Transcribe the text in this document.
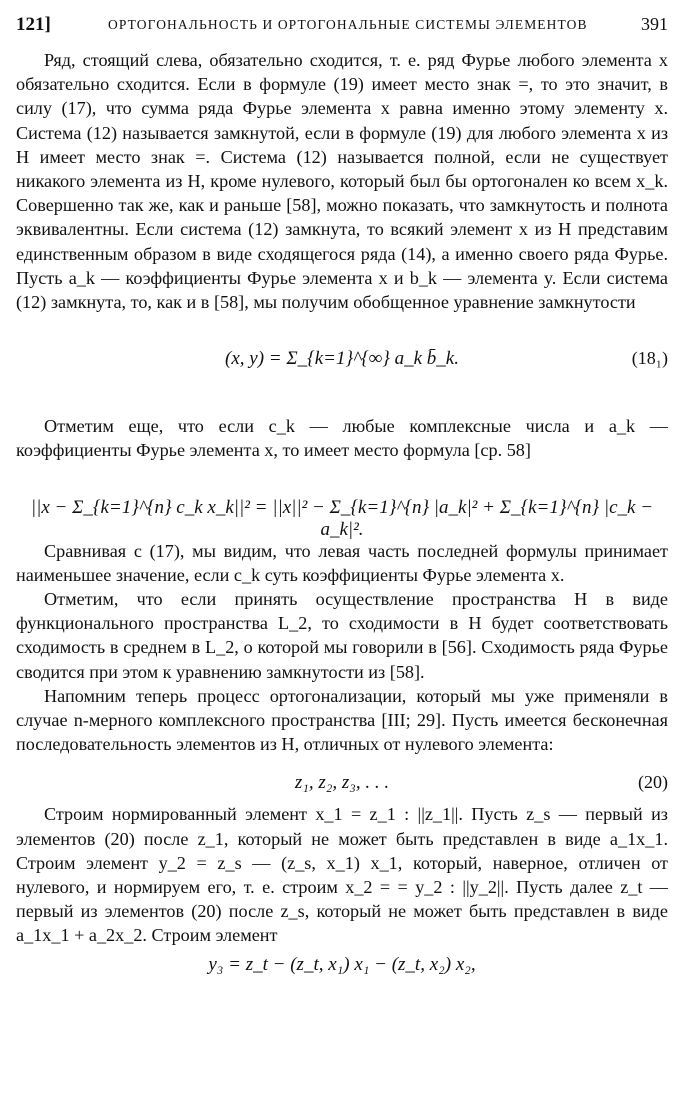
121]	ОРТОГОНАЛЬНОСТЬ И ОРТОГОНАЛЬНЫЕ СИСТЕМЫ ЭЛЕМЕНТОВ	391

Ряд, стоящий слева, обязательно сходится, т. е. ряд Фурье любого элемента x обязательно сходится. Если в формуле (19) имеет место знак =, то это значит, в силу (17), что сумма ряда Фурье элемента x равна именно этому элементу x. Система (12) называется замкнутой, если в формуле (19) для любого элемента x из H имеет место знак =. Система (12) называется полной, если не существует никакого элемента из H, кроме нулевого, который был бы ортогонален ко всем x_k. Совершенно так же, как и раньше [58], можно показать, что замкнутость и полнота эквивалентны. Если система (12) замкнута, то всякий элемент x из H представим единственным образом в виде сходящегося ряда (14), а именно своего ряда Фурье. Пусть a_k — коэффициенты Фурье элемента x и b_k — элемента y. Если система (12) замкнута, то, как и в [58], мы получим обобщенное уравнение замкнутости

(x, y) = Σ_{k=1}^{∞} a_k b̄_k.	(18₁)

Отметим еще, что если c_k — любые комплексные числа и a_k — коэффициенты Фурье элемента x, то имеет место формула [ср. 58]

||x − Σ_{k=1}^{n} c_k x_k||² = ||x||² − Σ_{k=1}^{n} |a_k|² + Σ_{k=1}^{n} |c_k − a_k|².

Сравнивая с (17), мы видим, что левая часть последней формулы принимает наименьшее значение, если c_k суть коэффициенты Фурье элемента x.

Отметим, что если принять осуществление пространства H в виде функционального пространства L_2, то сходимости в H будет соответствовать сходимость в среднем в L_2, о которой мы говорили в [56]. Сходимость ряда Фурье сводится при этом к уравнению замкнутости из [58].

Напомним теперь процесс ортогонализации, который мы уже применяли в случае n-мерного комплексного пространства [III; 29]. Пусть имеется бесконечная последовательность элементов из H, отличных от нулевого элемента:

z₁, z₂, z₃, . . .	(20)

Строим нормированный элемент x_1 = z_1 : ||z_1||. Пусть z_s — первый из элементов (20) после z_1, который не может быть представлен в виде a_1x_1. Строим элемент y_2 = z_s — (z_s, x_1) x_1, который, наверное, отличен от нулевого, и нормируем его, т. е. строим x_2 = = y_2 : ||y_2||. Пусть далее z_t — первый из элементов (20) после z_s, который не может быть представлен в виде a_1x_1 + a_2x_2. Строим элемент

y₃ = z_t − (z_t, x₁) x₁ − (z_t, x₂) x₂,
